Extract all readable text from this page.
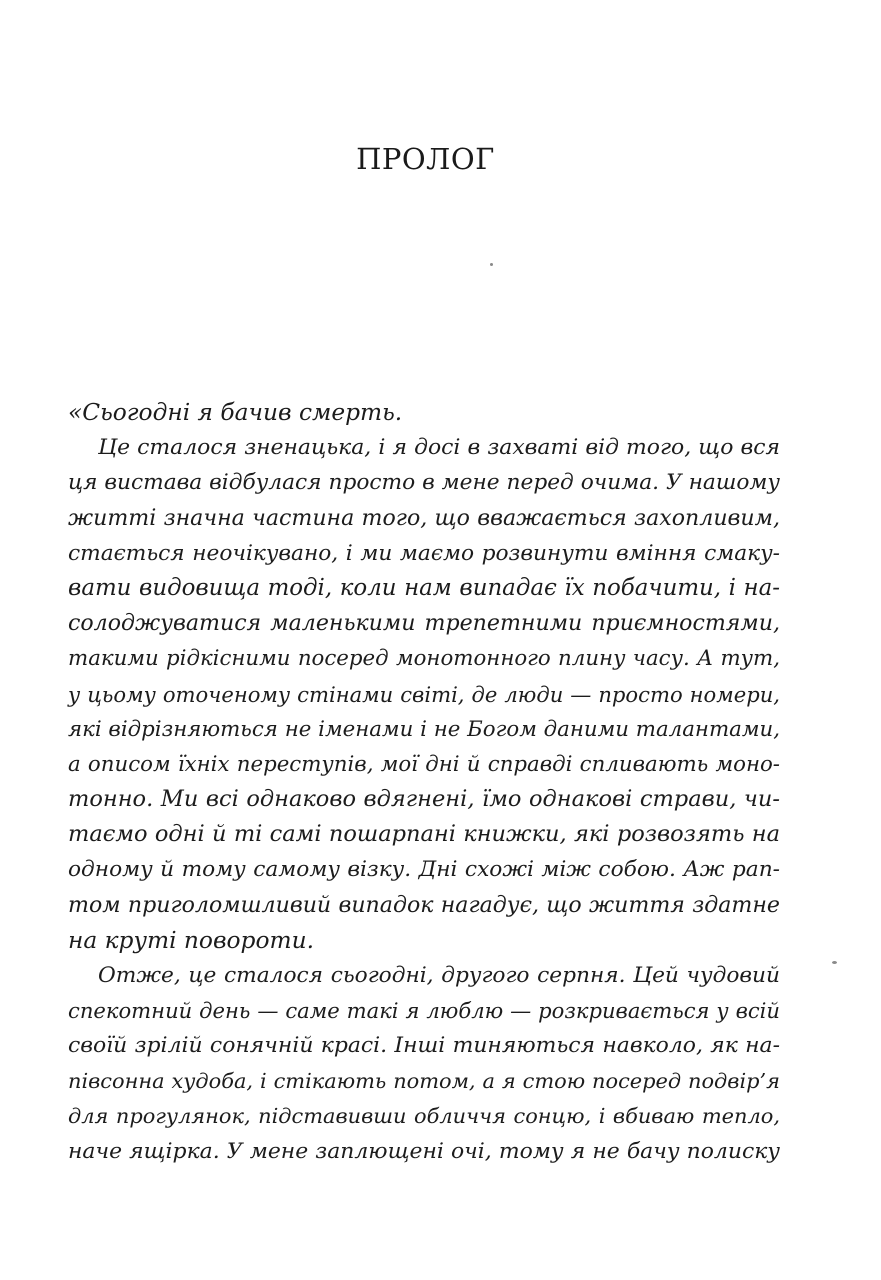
ПРОЛОГ
«Сьогодні я бачив смерть.
Це сталося зненацька, і я досі в захваті від того, що вся
ця вистава відбулася просто в мене перед очима. У нашому
житті значна частина того, що вважається захопливим,
стається неочікувано, і ми маємо розвинути вміння смаку-
вати видовища тоді, коли нам випадає їх побачити, і на-
солоджуватися маленькими трепетними приємностями,
такими рідкісними посеред монотонного плину часу. А тут,
у цьому оточеному стінами світі, де люди — просто номери,
які відрізняються не іменами і не Богом даними талантами,
а описом їхніх переступів, мої дні й справді спливають моно-
тонно. Ми всі однаково вдягнені, їмо однакові страви, чи-
таємо одні й ті самі пошарпані книжки, які розвозять на
одному й тому самому візку. Дні схожі між собою. Аж рап-
том приголомшливий випадок нагадує, що життя здатне
на круті повороти.
Отже, це сталося сьогодні, другого серпня. Цей чудовий
спекотний день — саме такі я люблю — розкривається у всій
своїй зрілій сонячній красі. Інші тиняються навколо, як на-
півсонна худоба, і стікають потом, а я стою посеред подвір’я
для прогулянок, підставивши обличчя сонцю, і вбиваю тепло,
наче ящірка. У мене заплющені очі, тому я не бачу полиску
